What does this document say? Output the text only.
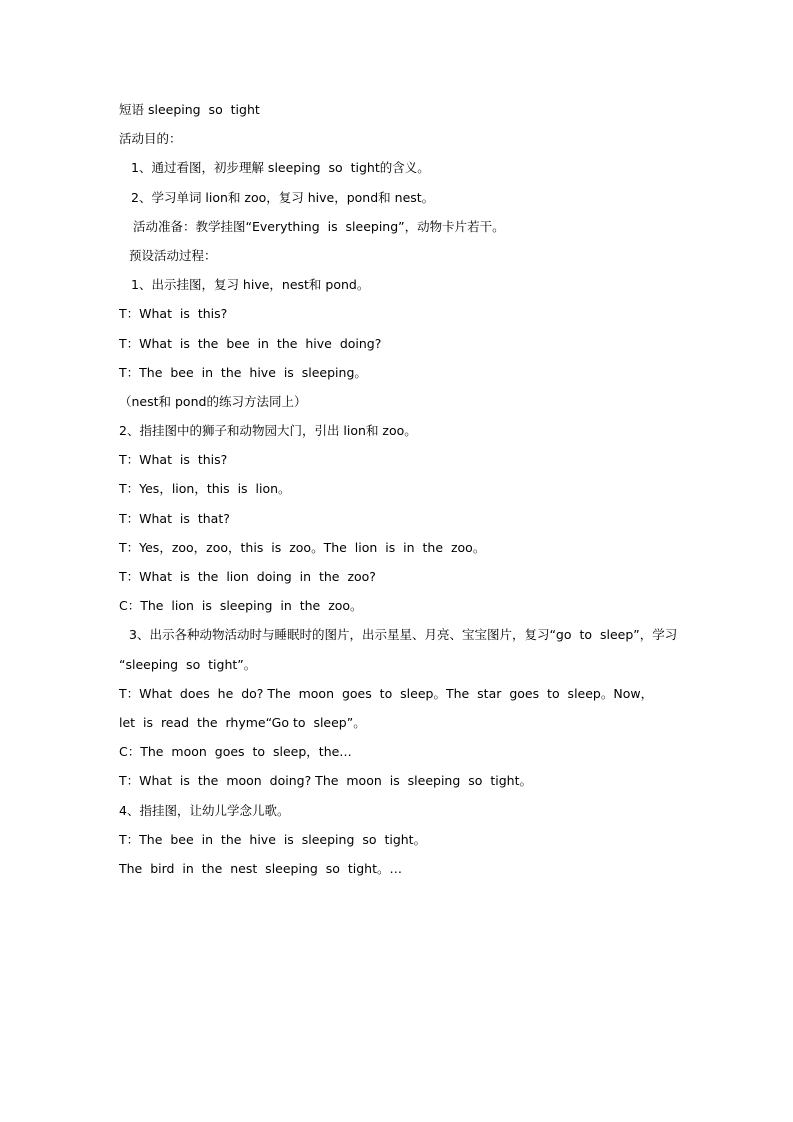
短语 sleeping  so  tight
活动目的：
1、通过看图，初步理解 sleeping  so  tight的含义。
2、学习单词 lion和 zoo，复习 hive，pond和 nest。
活动准备：教学挂图“Everything  is  sleeping”，动物卡片若干。
预设活动过程：
1、出示挂图，复习 hive，nest和 pond。
T：What  is  this?
T：What  is  the  bee  in  the  hive  doing?
T：The  bee  in  the  hive  is  sleeping。
（nest和 pond的练习方法同上）
2、指挂图中的狮子和动物园大门，引出 lion和 zoo。
T：What  is  this?
T：Yes，lion，this  is  lion。
T：What  is  that?
T：Yes，zoo，zoo，this  is  zoo。The  lion  is  in  the  zoo。
T：What  is  the  lion  doing  in  the  zoo?
C：The  lion  is  sleeping  in  the  zoo。
3、出示各种动物活动时与睡眠时的图片，出示星星、月亮、宝宝图片，复习“go  to  sleep”，学习
“sleeping  so  tight”。
T：What  does  he  do? The  moon  goes  to  sleep。The  star  goes  to  sleep。Now，
let  is  read  the  rhyme“Go to  sleep”。
C：The  moon  goes  to  sleep，the…
T：What  is  the  moon  doing? The  moon  is  sleeping  so  tight。
4、指挂图，让幼儿学念儿歌。
T：The  bee  in  the  hive  is  sleeping  so  tight。
The  bird  in  the  nest  sleeping  so  tight。…
